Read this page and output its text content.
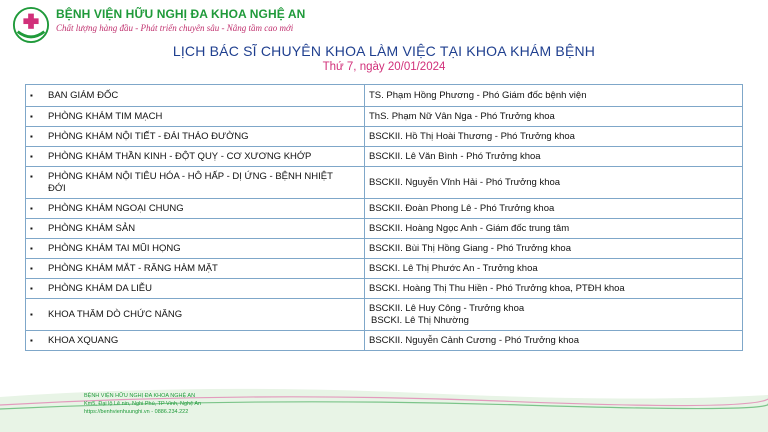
BỆNH VIỆN HỮU NGHỊ ĐA KHOA NGHỆ AN
Chất lượng hàng đầu - Phát triển chuyên sâu - Nâng tầm cao mới
LỊCH BÁC SĨ CHUYÊN KHOA LÀM VIỆC TẠI KHOA KHÁM BỆNH
Thứ 7, ngày 20/01/2024
▪ BAN GIÁM ĐỐC	TS. Phạm Hồng Phương - Phó Giám đốc bệnh viện

▪ PHÒNG KHÁM TIM MẠCH	ThS. Phạm Nữ Vân Nga - Phó Trưởng khoa

▪ PHÒNG KHÁM NỘI TIẾT - ĐÁI THÁO ĐƯỜNG	BSCKII. Hồ Thị Hoài Thương - Phó Trưởng khoa

▪ PHÒNG KHÁM THẦN KINH - ĐỘT QUỴ - CƠ XƯƠNG KHỚP	BSCKII. Lê Văn Bình - Phó Trưởng khoa

▪ PHÒNG KHÁM NỘI TIÊU HÓA - HÔ HẤP - DỊ ỨNG - BỆNH NHIỆT ĐỚI	BSCKII. Nguyễn Vĩnh Hải - Phó Trưởng khoa

▪ PHÒNG KHÁM NGOẠI CHUNG	BSCKII. Đoàn Phong Lê - Phó Trưởng khoa

▪ PHÒNG KHÁM SẢN	BSCKII. Hoàng Ngọc Anh - Giám đốc trung tâm

▪ PHÒNG KHÁM TAI MŨI HỌNG	BSCKII. Bùi Thị Hồng Giang - Phó Trưởng khoa

▪ PHÒNG KHÁM MẮT - RĂNG HÀM MẶT	BSCKI. Lê Thị Phước An - Trưởng khoa

▪ PHÒNG KHÁM DA LIỄU	BSCKI. Hoàng Thị Thu Hiền - Phó Trưởng khoa, PTĐH khoa

▪ KHOA THĂM DÒ CHỨC NĂNG	BSCKII. Lê Huy Công - Trưởng khoa
BSCKI. Lê Thị Nhường

▪ KHOA XQUANG	BSCKII. Nguyễn Cảnh Cương - Phó Trưởng khoa
BỆNH VIỆN HỮU NGHỊ ĐA KHOA NGHỆ AN
Km5, Đại lộ Lê nin, Nghi Phú, TP Vinh, Nghệ An
https://benhvienhuunghi.vn - 0886.234.222
